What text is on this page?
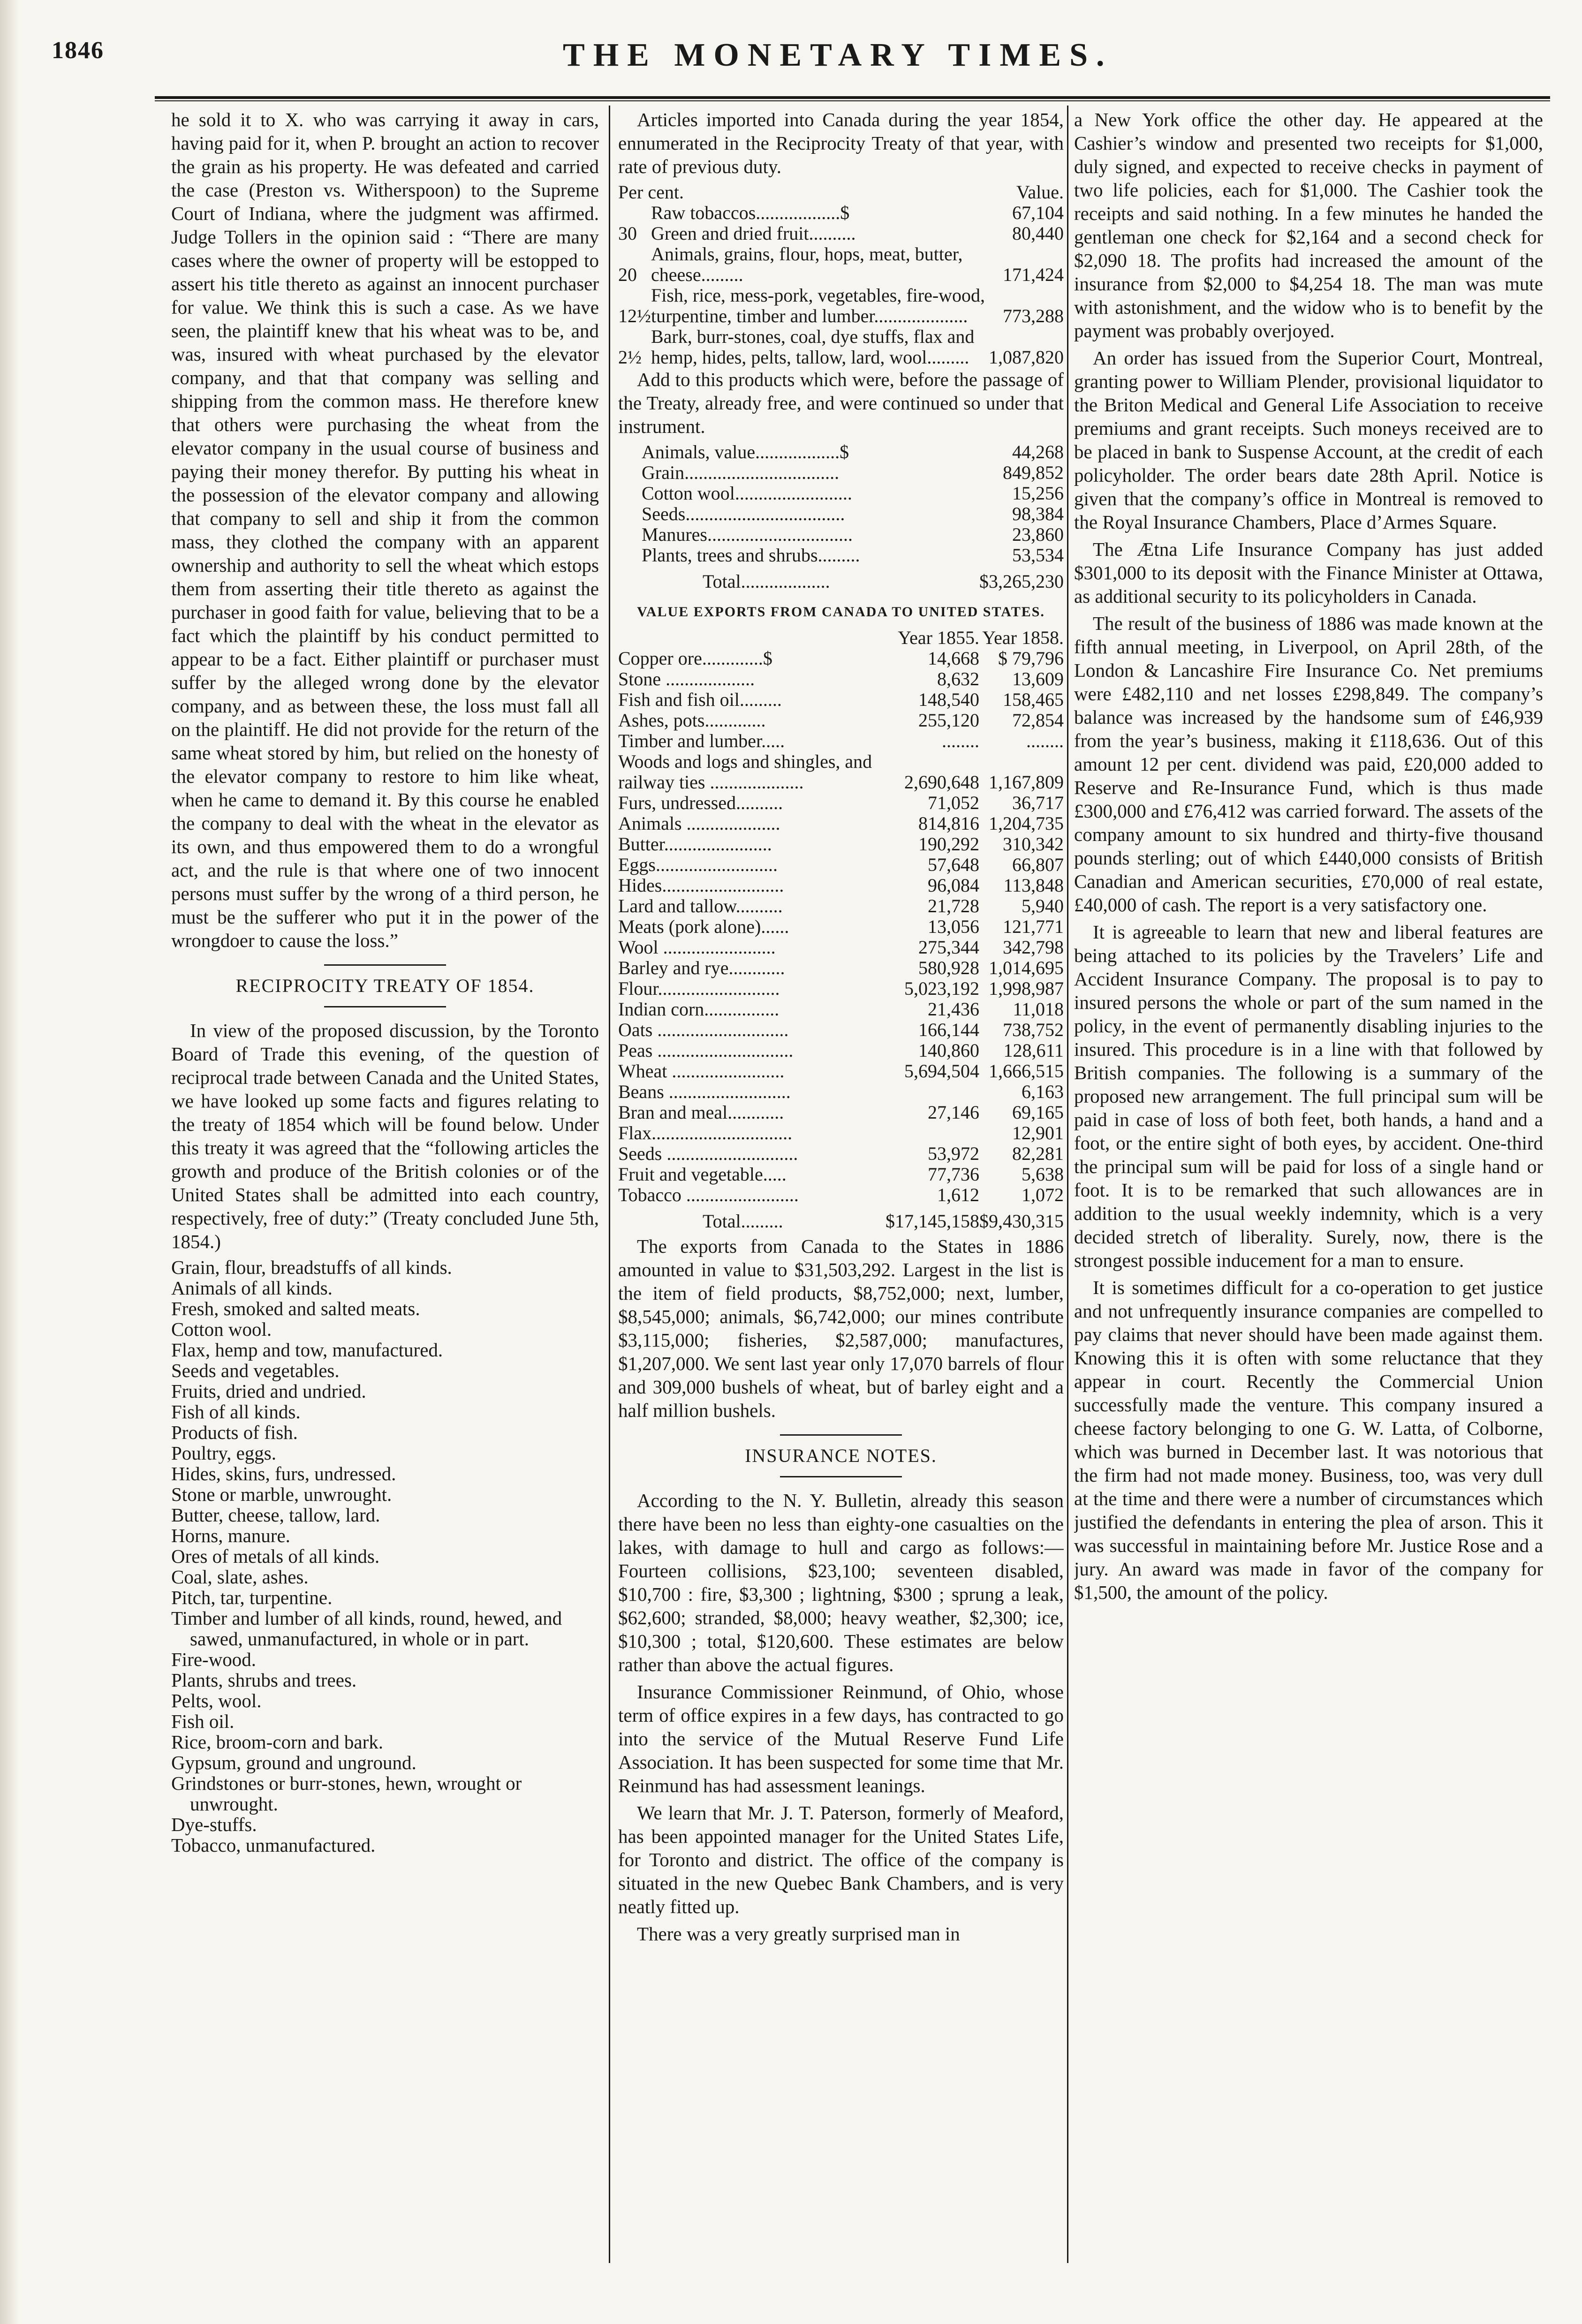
1846	THE MONETARY TIMES.

he sold it to X. who was carrying it away in cars, having paid for it, when P. brought an action to recover the grain as his property. He was defeated and carried the case (Preston vs. Witherspoon) to the Supreme Court of Indiana, where the judgment was affirmed. Judge Tollers in the opinion said : “There are many cases where the owner of property will be estopped to assert his title thereto as against an innocent purchaser for value. We think this is such a case. As we have seen, the plaintiff knew that his wheat was to be, and was, insured with wheat purchased by the elevator company, and that that company was selling and shipping from the common mass. He therefore knew that others were purchasing the wheat from the elevator company in the usual course of business and paying their money therefor. By putting his wheat in the possession of the elevator company and allowing that company to sell and ship it from the common mass, they clothed the company with an apparent ownership and authority to sell the wheat which estops them from asserting their title thereto as against the purchaser in good faith for value, believing that to be a fact which the plaintiff by his conduct permitted to appear to be a fact. Either plaintiff or purchaser must suffer by the alleged wrong done by the elevator company, and as between these, the loss must fall all on the plaintiff. He did not provide for the return of the same wheat stored by him, but relied on the honesty of the elevator company to restore to him like wheat, when he came to demand it. By this course he enabled the company to deal with the wheat in the elevator as its own, and thus empowered them to do a wrongful act, and the rule is that where one of two innocent persons must suffer by the wrong of a third person, he must be the sufferer who put it in the power of the wrongdoer to cause the loss.”

RECIPROCITY TREATY OF 1854.

In view of the proposed discussion, by the Toronto Board of Trade this evening, of the question of reciprocal trade between Canada and the United States, we have looked up some facts and figures relating to the treaty of 1854 which will be found below. Under this treaty it was agreed that the “following articles the growth and produce of the British colonies or of the United States shall be admitted into each country, respectively, free of duty:” (Treaty concluded June 5th, 1854.)

Grain, flour, breadstuffs of all kinds.
Animals of all kinds.
Fresh, smoked and salted meats.
Cotton wool.
Flax, hemp and tow, manufactured.
Seeds and vegetables.
Fruits, dried and undried.
Fish of all kinds.
Products of fish.
Poultry, eggs.
Hides, skins, furs, undressed.
Stone or marble, unwrought.
Butter, cheese, tallow, lard.
Horns, manure.
Ores of metals of all kinds.
Coal, slate, ashes.
Pitch, tar, turpentine.
Timber and lumber of all kinds, round, hewed, and sawed, unmanufactured, in whole or in part.
Fire-wood.
Plants, shrubs and trees.
Pelts, wool.
Fish oil.
Rice, broom-corn and bark.
Gypsum, ground and unground.
Grindstones or burr-stones, hewn, wrought or unwrought.
Dye-stuffs.
Tobacco, unmanufactured.

Articles imported into Canada during the year 1854, ennumerated in the Reciprocity Treaty of that year, with rate of previous duty.

Per cent.		Value.
	Raw tobaccos..................$	67,104
30	Green and dried fruit..........	80,440
20	Animals, grains, flour, hops, meat, butter, cheese.........	171,424
12½	Fish, rice, mess-pork, vegetables, fire-wood, turpentine, timber and lumber....................	773,288
2½	Bark, burr-stones, coal, dye stuffs, flax and hemp, hides, pelts, tallow, lard, wool.........	1,087,820

Add to this products which were, before the passage of the Treaty, already free, and were continued so under that instrument.

Animals, value..................$	44,268
Grain.................................	849,852
Cotton wool.........................	15,256
Seeds..................................	98,384
Manures...............................	23,860
Plants, trees and shrubs.........	53,534
Total...................	$3,265,230
VALUE EXPORTS FROM CANADA TO UNITED STATES.
	Year 1855.	Year 1858.
Copper ore.............$	14,668	$ 79,796
Stone ...................	8,632	13,609
Fish and fish oil.........	148,540	158,465
Ashes, pots.............	255,120	72,854
Timber and lumber.....	........	........
Woods and logs and shingles, and railway ties ....................	2,690,648	1,167,809
Furs, undressed..........	71,052	36,717
Animals ....................	814,816	1,204,735
Butter.......................	190,292	310,342
Eggs..........................	57,648	66,807
Hides..........................	96,084	113,848
Lard and tallow..........	21,728	5,940
Meats (pork alone)......	13,056	121,771
Wool ........................	275,344	342,798
Barley and rye............	580,928	1,014,695
Flour..........................	5,023,192	1,998,987
Indian corn................	21,436	11,018
Oats ............................	166,144	738,752
Peas .............................	140,860	128,611
Wheat ........................	5,694,504	1,666,515
Beans ..........................		6,163
Bran and meal............	27,146	69,165
Flax..............................		12,901
Seeds ............................	53,972	82,281
Fruit and vegetable.....	77,736	5,638
Tobacco ........................	1,612	1,072
Total.........	$17,145,158	$9,430,315

The exports from Canada to the States in 1886 amounted in value to $31,503,292. Largest in the list is the item of field products, $8,752,000; next, lumber, $8,545,000; animals, $6,742,000; our mines contribute $3,115,000; fisheries, $2,587,000; manufactures, $1,207,000. We sent last year only 17,070 barrels of flour and 309,000 bushels of wheat, but of barley eight and a half million bushels.

INSURANCE NOTES.

According to the N. Y. Bulletin, already this season there have been no less than eighty-one casualties on the lakes, with damage to hull and cargo as follows:—Fourteen collisions, $23,100; seventeen disabled, $10,700 : fire, $3,300 ; lightning, $300 ; sprung a leak, $62,600; stranded, $8,000; heavy weather, $2,300; ice, $10,300 ; total, $120,600. These estimates are below rather than above the actual figures.

Insurance Commissioner Reinmund, of Ohio, whose term of office expires in a few days, has contracted to go into the service of the Mutual Reserve Fund Life Association. It has been suspected for some time that Mr. Reinmund has had assessment leanings.

We learn that Mr. J. T. Paterson, formerly of Meaford, has been appointed manager for the United States Life, for Toronto and district. The office of the company is situated in the new Quebec Bank Chambers, and is very neatly fitted up.

There was a very greatly surprised man in

a New York office the other day. He appeared at the Cashier’s window and presented two receipts for $1,000, duly signed, and expected to receive checks in payment of two life policies, each for $1,000. The Cashier took the receipts and said nothing. In a few minutes he handed the gentleman one check for $2,164 and a second check for $2,090 18. The profits had increased the amount of the insurance from $2,000 to $4,254 18. The man was mute with astonishment, and the widow who is to benefit by the payment was probably overjoyed.

An order has issued from the Superior Court, Montreal, granting power to William Plender, provisional liquidator to the Briton Medical and General Life Association to receive premiums and grant receipts. Such moneys received are to be placed in bank to Suspense Account, at the credit of each policyholder. The order bears date 28th April. Notice is given that the company’s office in Montreal is removed to the Royal Insurance Chambers, Place d’Armes Square.

The Ætna Life Insurance Company has just added $301,000 to its deposit with the Finance Minister at Ottawa, as additional security to its policyholders in Canada.

The result of the business of 1886 was made known at the fifth annual meeting, in Liverpool, on April 28th, of the London & Lancashire Fire Insurance Co. Net premiums were £482,110 and net losses £298,849. The company’s balance was increased by the handsome sum of £46,939 from the year’s business, making it £118,636. Out of this amount 12 per cent. dividend was paid, £20,000 added to Reserve and Re-Insurance Fund, which is thus made £300,000 and £76,412 was carried forward. The assets of the company amount to six hundred and thirty-five thousand pounds sterling; out of which £440,000 consists of British Canadian and American securities, £70,000 of real estate, £40,000 of cash. The report is a very satisfactory one.

It is agreeable to learn that new and liberal features are being attached to its policies by the Travelers’ Life and Accident Insurance Company. The proposal is to pay to insured persons the whole or part of the sum named in the policy, in the event of permanently disabling injuries to the insured. This procedure is in a line with that followed by British companies. The following is a summary of the proposed new arrangement. The full principal sum will be paid in case of loss of both feet, both hands, a hand and a foot, or the entire sight of both eyes, by accident. One-third the principal sum will be paid for loss of a single hand or foot. It is to be remarked that such allowances are in addition to the usual weekly indemnity, which is a very decided stretch of liberality. Surely, now, there is the strongest possible inducement for a man to ensure.

It is sometimes difficult for a co-operation to get justice and not unfrequently insurance companies are compelled to pay claims that never should have been made against them. Knowing this it is often with some reluctance that they appear in court. Recently the Commercial Union successfully made the venture. This company insured a cheese factory belonging to one G. W. Latta, of Colborne, which was burned in December last. It was notorious that the firm had not made money. Business, too, was very dull at the time and there were a number of circumstances which justified the defendants in entering the plea of arson. This it was successful in maintaining before Mr. Justice Rose and a jury. An award was made in favor of the company for $1,500, the amount of the policy.
